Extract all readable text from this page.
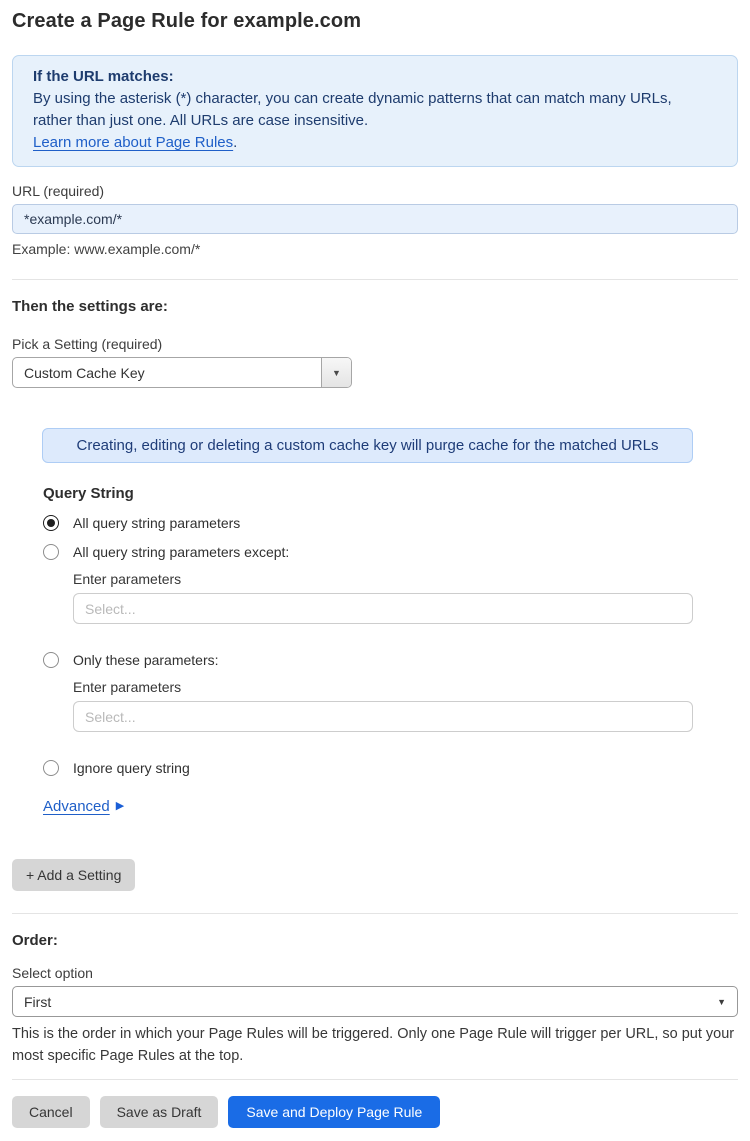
Create a Page Rule for example.com
If the URL matches:
By using the asterisk (*) character, you can create dynamic patterns that can match many URLs,
rather than just one. All URLs are case insensitive.
Learn more about Page Rules.
URL (required)
*example.com/*
Example: www.example.com/*
Then the settings are:
Pick a Setting (required)
Custom Cache Key	▼
Creating, editing or deleting a custom cache key will purge cache for the matched URLs
Query String
All query string parameters
All query string parameters except:
Enter parameters
Select...
Only these parameters:
Enter parameters
Select...
Ignore query string
Advanced ▶
+ Add a Setting
Order:
Select option
First	▼
This is the order in which your Page Rules will be triggered. Only one Page Rule will trigger per URL, so put your most specific Page Rules at the top.
Cancel	Save as Draft	Save and Deploy Page Rule
